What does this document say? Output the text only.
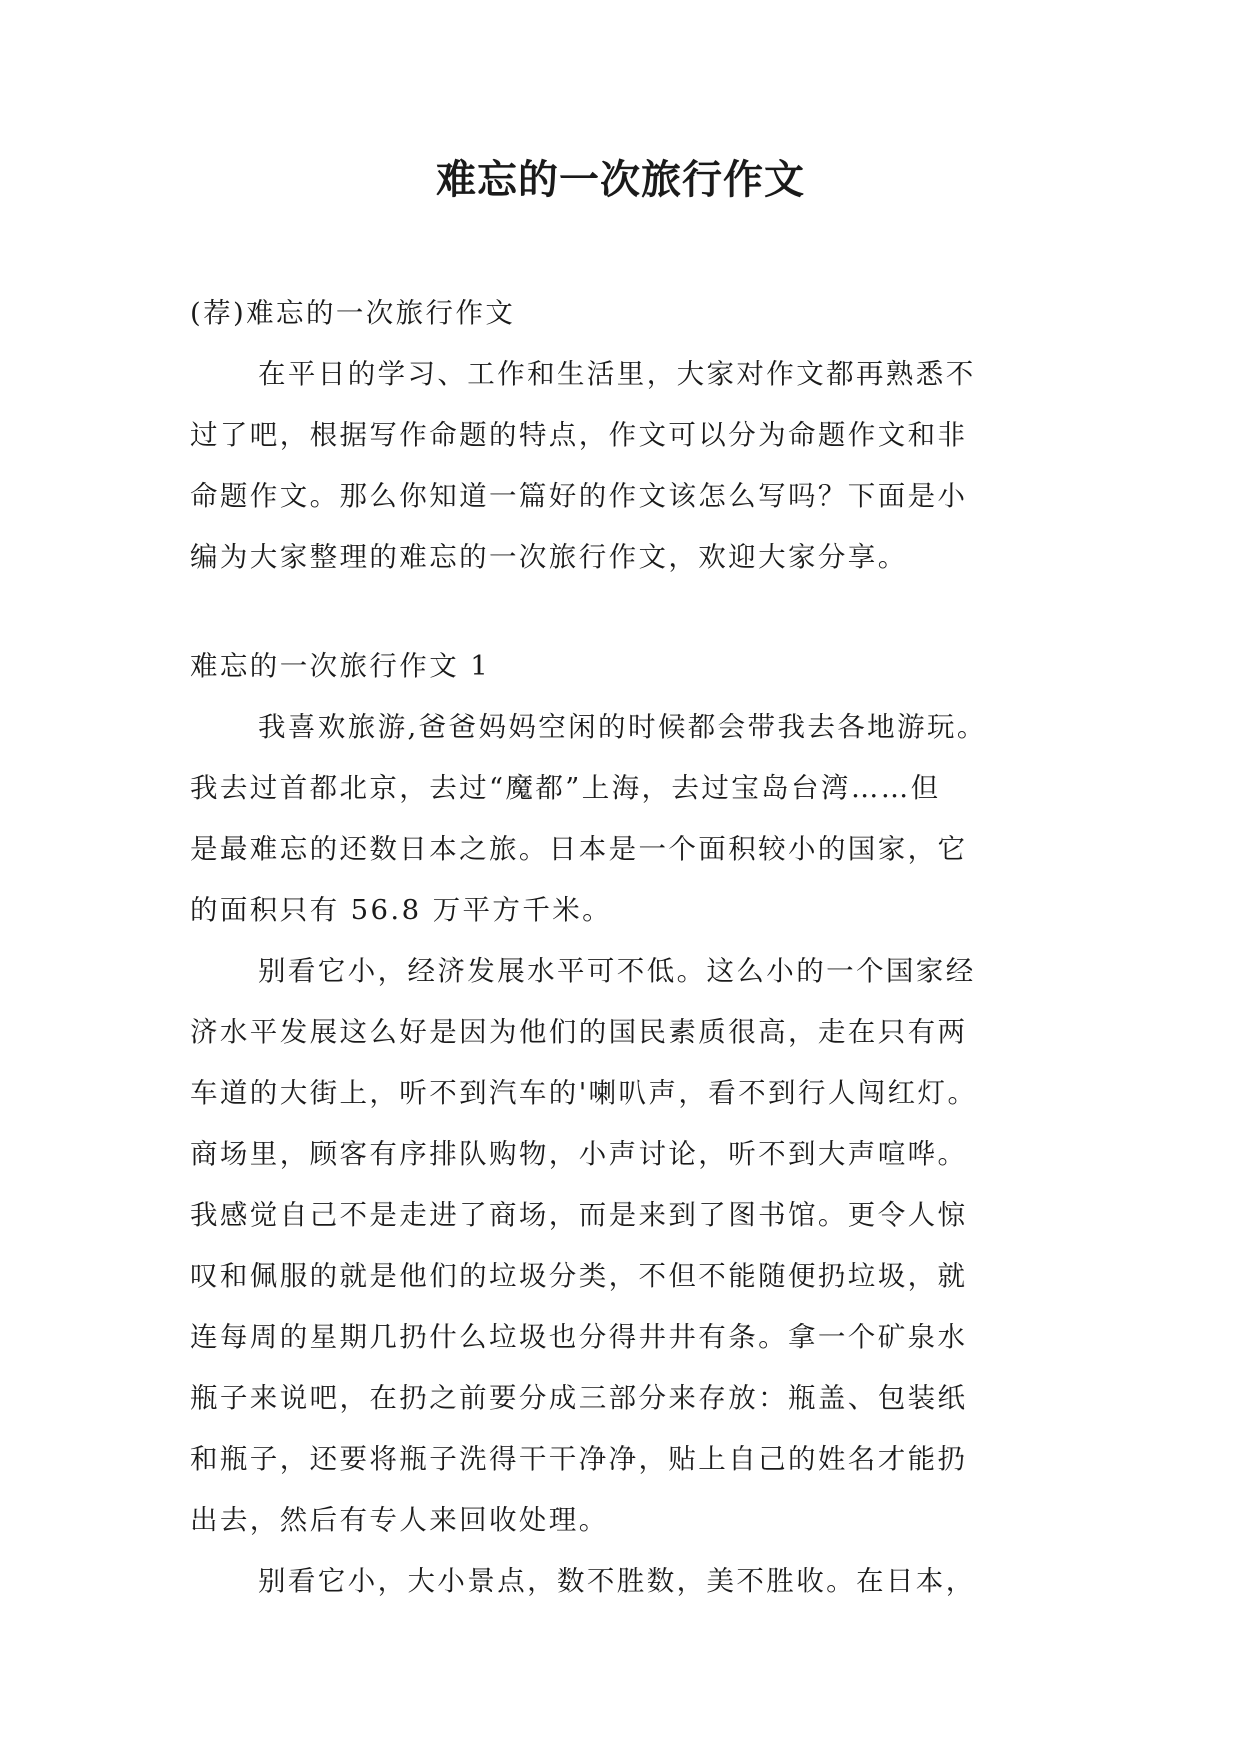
难忘的一次旅行作文
(荐)难忘的一次旅行作文
在平日的学习、工作和生活里，大家对作文都再熟悉不
过了吧，根据写作命题的特点，作文可以分为命题作文和非
命题作文。那么你知道一篇好的作文该怎么写吗？下面是小
编为大家整理的难忘的一次旅行作文，欢迎大家分享。
难忘的一次旅行作文 1
我喜欢旅游,爸爸妈妈空闲的时候都会带我去各地游玩。
我去过首都北京，去过“魔都”上海，去过宝岛台湾……但
是最难忘的还数日本之旅。日本是一个面积较小的国家，它
的面积只有 56.8 万平方千米。
别看它小，经济发展水平可不低。这么小的一个国家经
济水平发展这么好是因为他们的国民素质很高，走在只有两
车道的大街上，听不到汽车的'喇叭声，看不到行人闯红灯。
商场里，顾客有序排队购物，小声讨论，听不到大声喧哗。
我感觉自己不是走进了商场，而是来到了图书馆。更令人惊
叹和佩服的就是他们的垃圾分类，不但不能随便扔垃圾，就
连每周的星期几扔什么垃圾也分得井井有条。拿一个矿泉水
瓶子来说吧，在扔之前要分成三部分来存放：瓶盖、包装纸
和瓶子，还要将瓶子洗得干干净净，贴上自己的姓名才能扔
出去，然后有专人来回收处理。
别看它小，大小景点，数不胜数，美不胜收。在日本，
